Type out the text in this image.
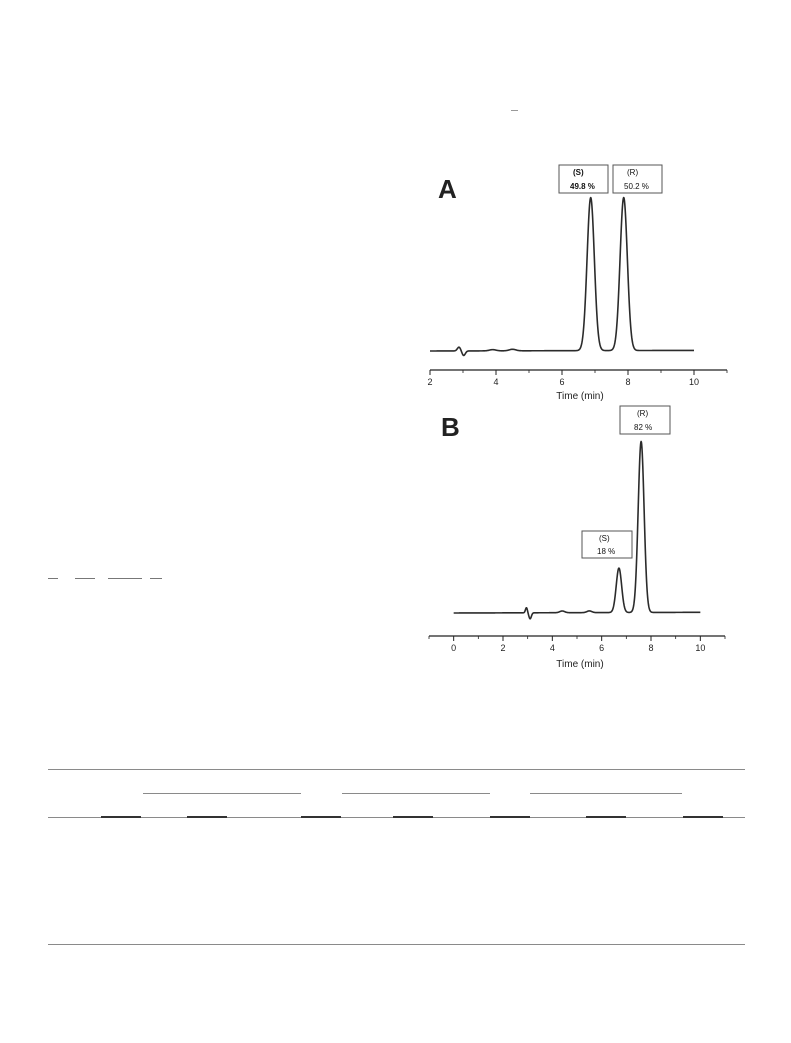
A
(S)
49.8 %
(R)
50.2 %
2	4	6	8	10
Time (min)
B	(R)
82 %
(S)
18 %
0	2	4	6	8	10
Time (min)
